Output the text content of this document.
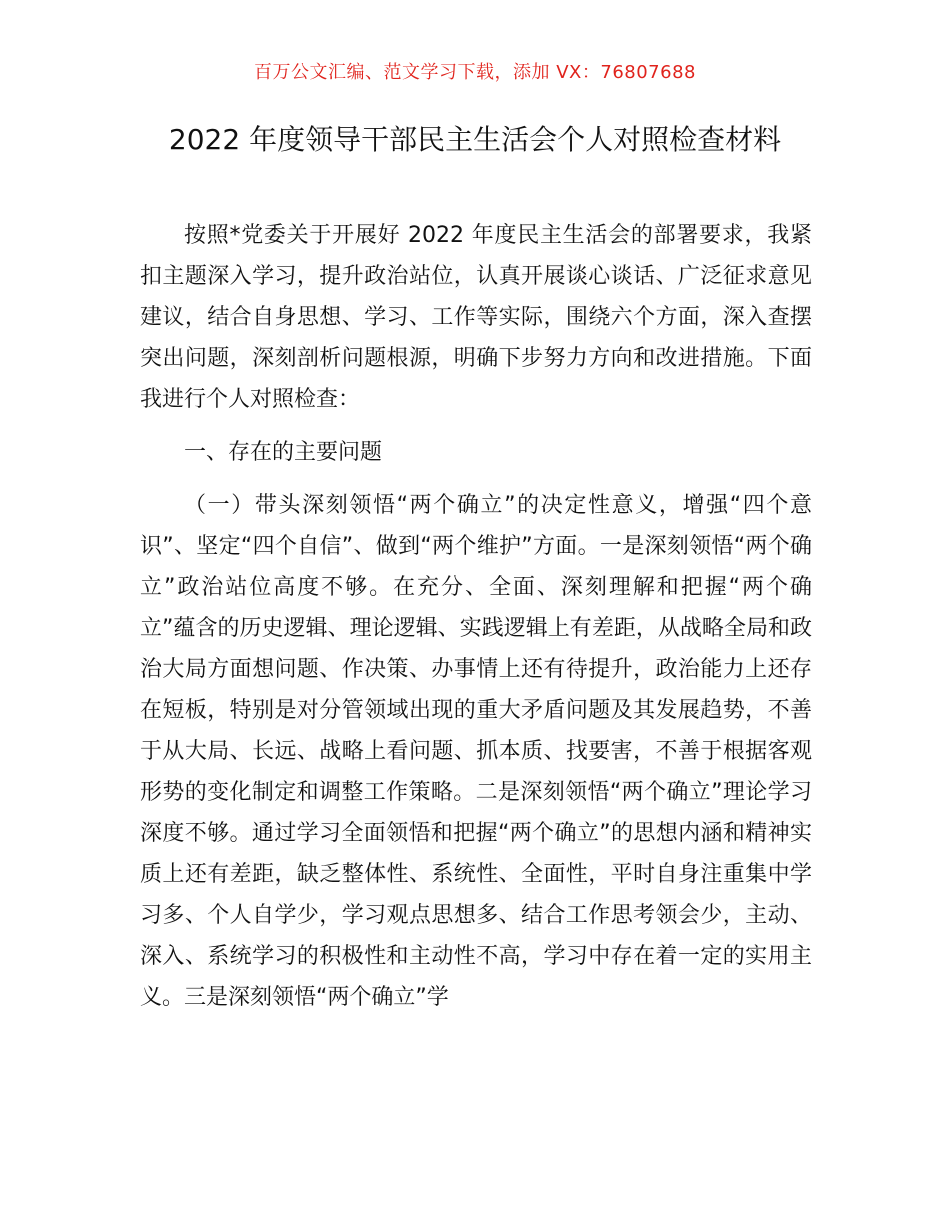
百万公文汇编、范文学习下载，添加 VX：76807688
2022 年度领导干部民主生活会个人对照检查材料

按照*党委关于开展好 2022 年度民主生活会的部署要求，我紧扣主题深入学习，提升政治站位，认真开展谈心谈话、广泛征求意见建议，结合自身思想、学习、工作等实际，围绕六个方面，深入查摆突出问题，深刻剖析问题根源，明确下步努力方向和改进措施。下面我进行个人对照检查：

一、存在的主要问题

（一）带头深刻领悟“两个确立”的决定性意义，增强“四个意识”、坚定“四个自信”、做到“两个维护”方面。一是深刻领悟“两个确立”政治站位高度不够。在充分、全面、深刻理解和把握“两个确立”蕴含的历史逻辑、理论逻辑、实践逻辑上有差距，从战略全局和政治大局方面想问题、作决策、办事情上还有待提升，政治能力上还存在短板，特别是对分管领域出现的重大矛盾问题及其发展趋势，不善于从大局、长远、战略上看问题、抓本质、找要害，不善于根据客观形势的变化制定和调整工作策略。二是深刻领悟“两个确立”理论学习深度不够。通过学习全面领悟和把握“两个确立”的思想内涵和精神实质上还有差距，缺乏整体性、系统性、全面性，平时自身注重集中学习多、个人自学少，学习观点思想多、结合工作思考领会少，主动、深入、系统学习的积极性和主动性不高，学习中存在着一定的实用主义。三是深刻领悟“两个确立”学
